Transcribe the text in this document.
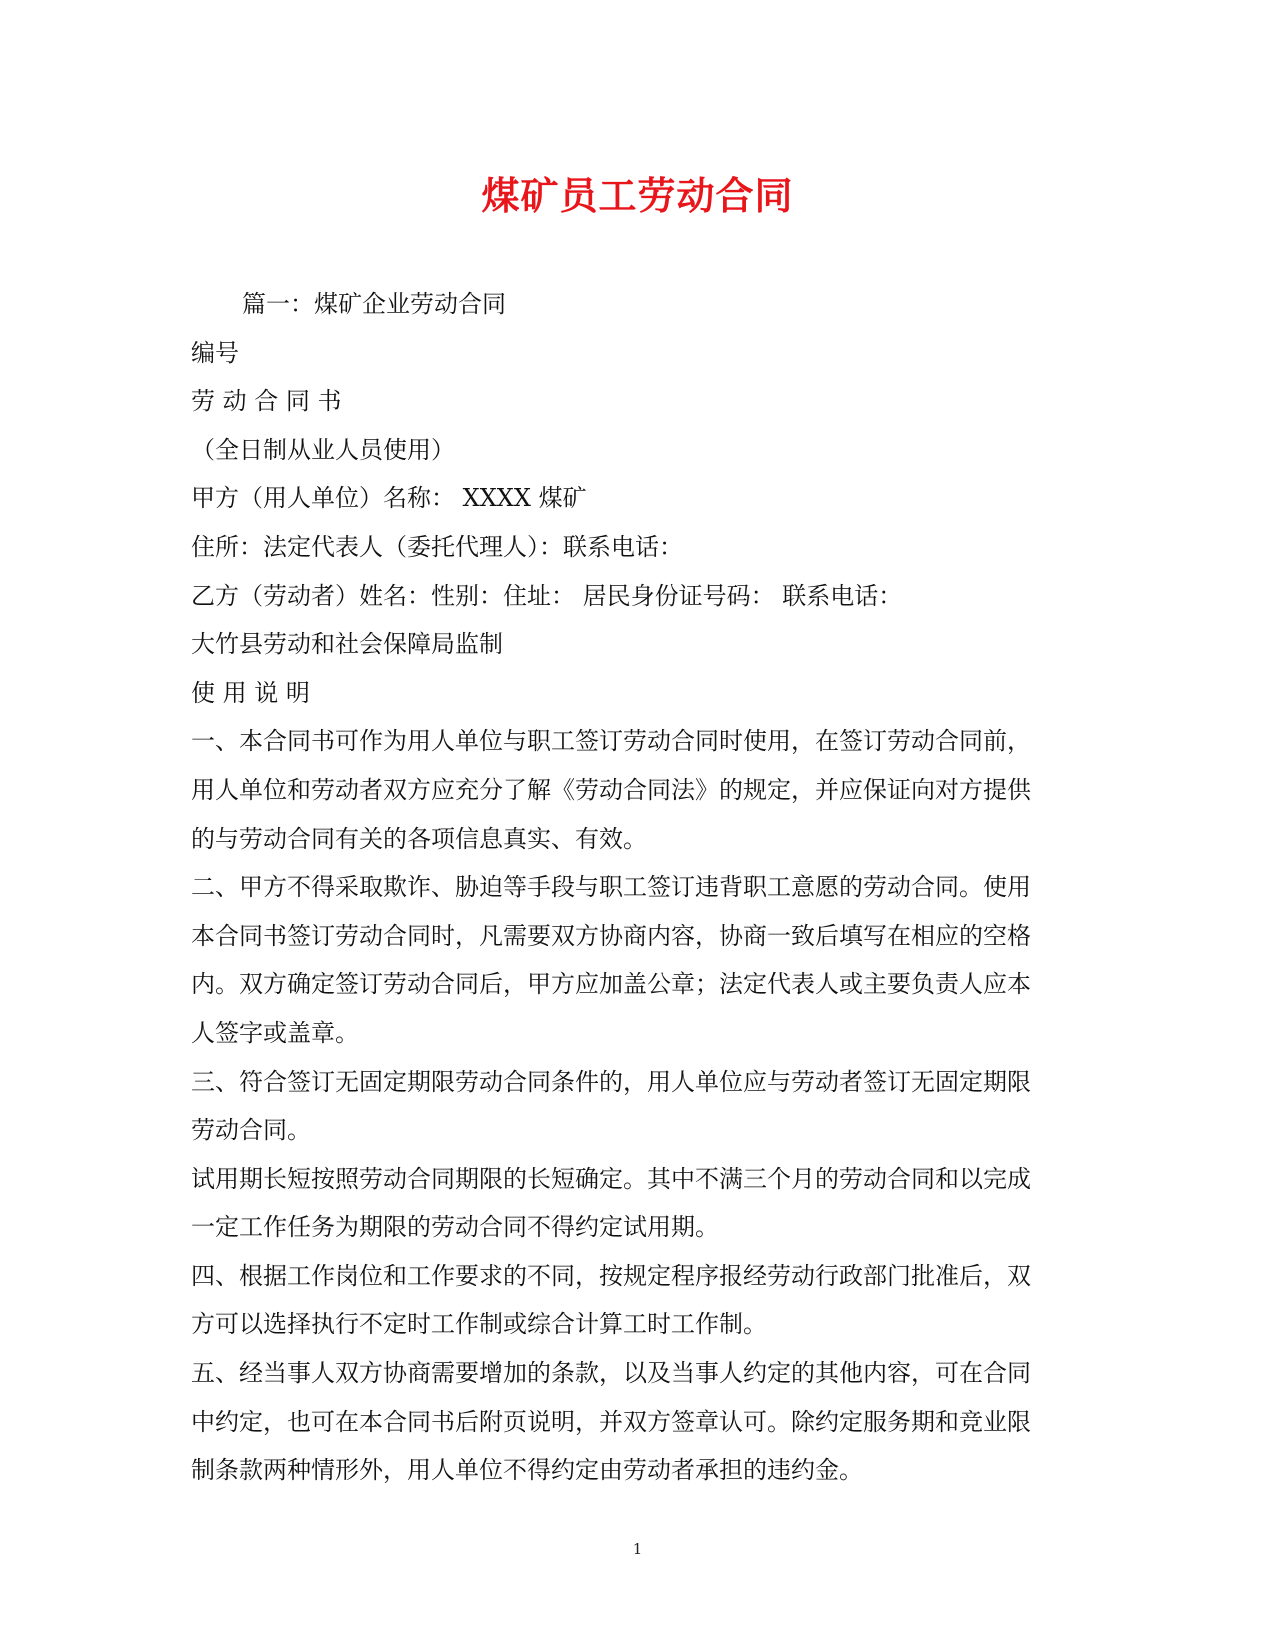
煤矿员工劳动合同
篇一：煤矿企业劳动合同
编号
劳 动 合 同 书
（全日制从业人员使用）
甲方（用人单位）名称： XXXX 煤矿
住所：法定代表人（委托代理人）：联系电话：
乙方（劳动者）姓名：性别：住址： 居民身份证号码： 联系电话：
大竹县劳动和社会保障局监制
使 用 说 明
一、本合同书可作为用人单位与职工签订劳动合同时使用，在签订劳动合同前，
用人单位和劳动者双方应充分了解《劳动合同法》的规定，并应保证向对方提供
的与劳动合同有关的各项信息真实、有效。
二、甲方不得采取欺诈、胁迫等手段与职工签订违背职工意愿的劳动合同。使用
本合同书签订劳动合同时，凡需要双方协商内容，协商一致后填写在相应的空格
内。双方确定签订劳动合同后，甲方应加盖公章；法定代表人或主要负责人应本
人签字或盖章。
三、符合签订无固定期限劳动合同条件的，用人单位应与劳动者签订无固定期限
劳动合同。
试用期长短按照劳动合同期限的长短确定。其中不满三个月的劳动合同和以完成
一定工作任务为期限的劳动合同不得约定试用期。
四、根据工作岗位和工作要求的不同，按规定程序报经劳动行政部门批准后，双
方可以选择执行不定时工作制或综合计算工时工作制。
五、经当事人双方协商需要增加的条款，以及当事人约定的其他内容，可在合同
中约定，也可在本合同书后附页说明，并双方签章认可。除约定服务期和竞业限
制条款两种情形外，用人单位不得约定由劳动者承担的违约金。
1
